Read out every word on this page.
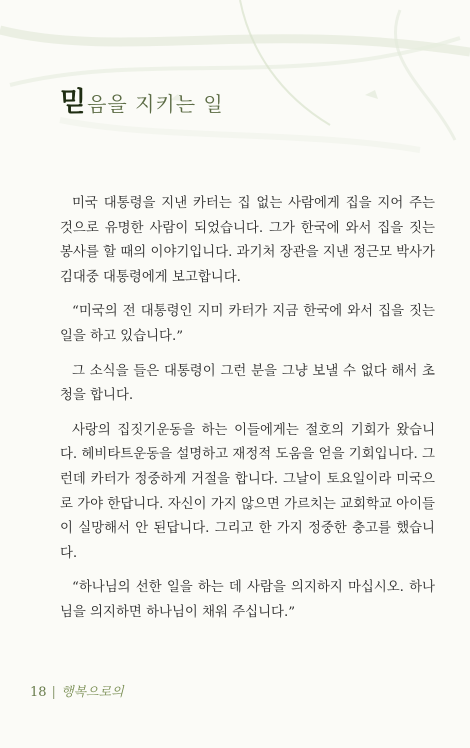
믿음을 지키는 일

미국 대통령을 지낸 카터는 집 없는 사람에게 집을 지어 주는 것으로 유명한 사람이 되었습니다. 그가 한국에 와서 집을 짓는 봉사를 할 때의 이야기입니다. 과기처 장관을 지낸 정근모 박사가 김대중 대통령에게 보고합니다.

“미국의 전 대통령인 지미 카터가 지금 한국에 와서 집을 짓는 일을 하고 있습니다.”

그 소식을 들은 대통령이 그런 분을 그냥 보낼 수 없다 해서 초청을 합니다.

사랑의 집짓기운동을 하는 이들에게는 절호의 기회가 왔습니다. 헤비타트운동을 설명하고 재정적 도움을 얻을 기회입니다. 그런데 카터가 정중하게 거절을 합니다. 그날이 토요일이라 미국으로 가야 한답니다. 자신이 가지 않으면 가르치는 교회학교 아이들이 실망해서 안 된답니다. 그리고 한 가지 정중한 충고를 했습니다.

“하나님의 선한 일을 하는 데 사람을 의지하지 마십시오. 하나님을 의지하면 하나님이 채워 주십니다.”

18 | 행복으로의
